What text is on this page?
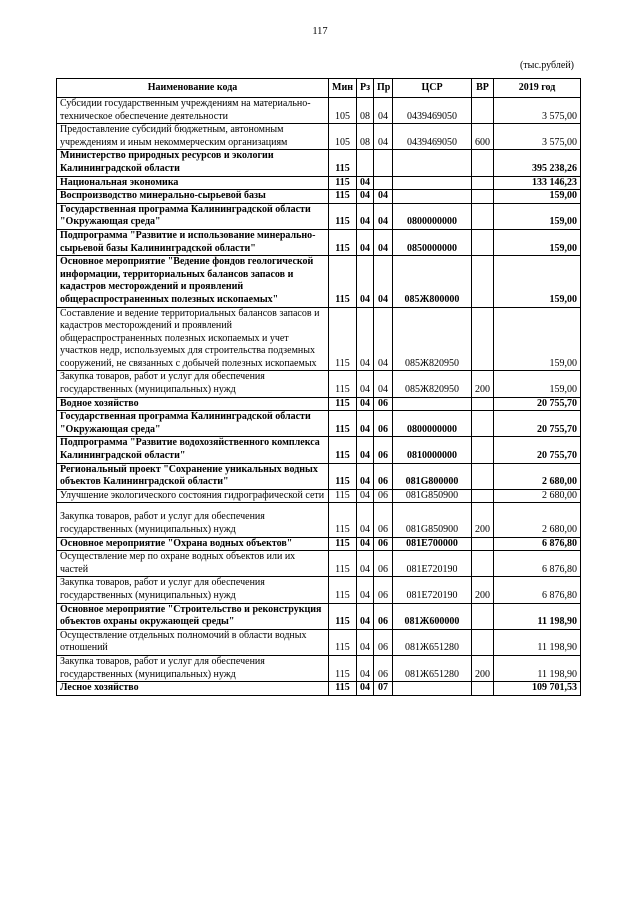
117
(тыс.рублей)
Наименование кода	Мин	Рз	Пр	ЦСР	ВР	2019 год
Субсидии государственным учреждениям на материально-техническое обеспечение деятельности	105	08	04	0439469050		3 575,00
Предоставление субсидий бюджетным, автономным учреждениям и иным некоммерческим организациям	105	08	04	0439469050	600	3 575,00
Министерство природных ресурсов и экологии Калининградской области	115					395 238,26
Национальная экономика	115	04				133 146,23
Воспроизводство минерально-сырьевой базы	115	04	04			159,00
Государственная программа Калининградской области "Окружающая среда"	115	04	04	0800000000		159,00
Подпрограмма "Развитие и использование минерально-сырьевой базы Калининградской области"	115	04	04	0850000000		159,00
Основное мероприятие "Ведение фондов геологической информации, территориальных балансов запасов и кадастров месторождений и проявлений общераспространенных полезных ископаемых"	115	04	04	085Ж800000		159,00
Составление и ведение территориальных балансов запасов и кадастров месторождений и проявлений общераспространенных полезных ископаемых и учет участков недр, используемых для строительства подземных сооружений, не связанных с добычей полезных ископаемых	115	04	04	085Ж820950		159,00
Закупка товаров, работ и услуг для обеспечения государственных (муниципальных) нужд	115	04	04	085Ж820950	200	159,00
Водное хозяйство	115	04	06			20 755,70
Государственная программа Калининградской области "Окружающая среда"	115	04	06	0800000000		20 755,70
Подпрограмма "Развитие водохозяйственного комплекса Калининградской области"	115	04	06	0810000000		20 755,70
Региональный проект "Сохранение уникальных водных объектов Калининградской области"	115	04	06	081G800000		2 680,00
Улучшение экологического состояния гидрографической сети	115	04	06	081G850900		2 680,00
Закупка товаров, работ и услуг для обеспечения государственных (муниципальных) нужд	115	04	06	081G850900	200	2 680,00
Основное мероприятие "Охрана водных объектов"	115	04	06	081E700000		6 876,80
Осуществление мер по охране водных объектов или их частей	115	04	06	081E720190		6 876,80
Закупка товаров, работ и услуг для обеспечения государственных (муниципальных) нужд	115	04	06	081E720190	200	6 876,80
Основное мероприятие "Строительство и реконструкция объектов охраны окружающей среды"	115	04	06	081Ж600000		11 198,90
Осуществление отдельных полномочий в области водных отношений	115	04	06	081Ж651280		11 198,90
Закупка товаров, работ и услуг для обеспечения государственных (муниципальных) нужд	115	04	06	081Ж651280	200	11 198,90
Лесное хозяйство	115	04	07			109 701,53
